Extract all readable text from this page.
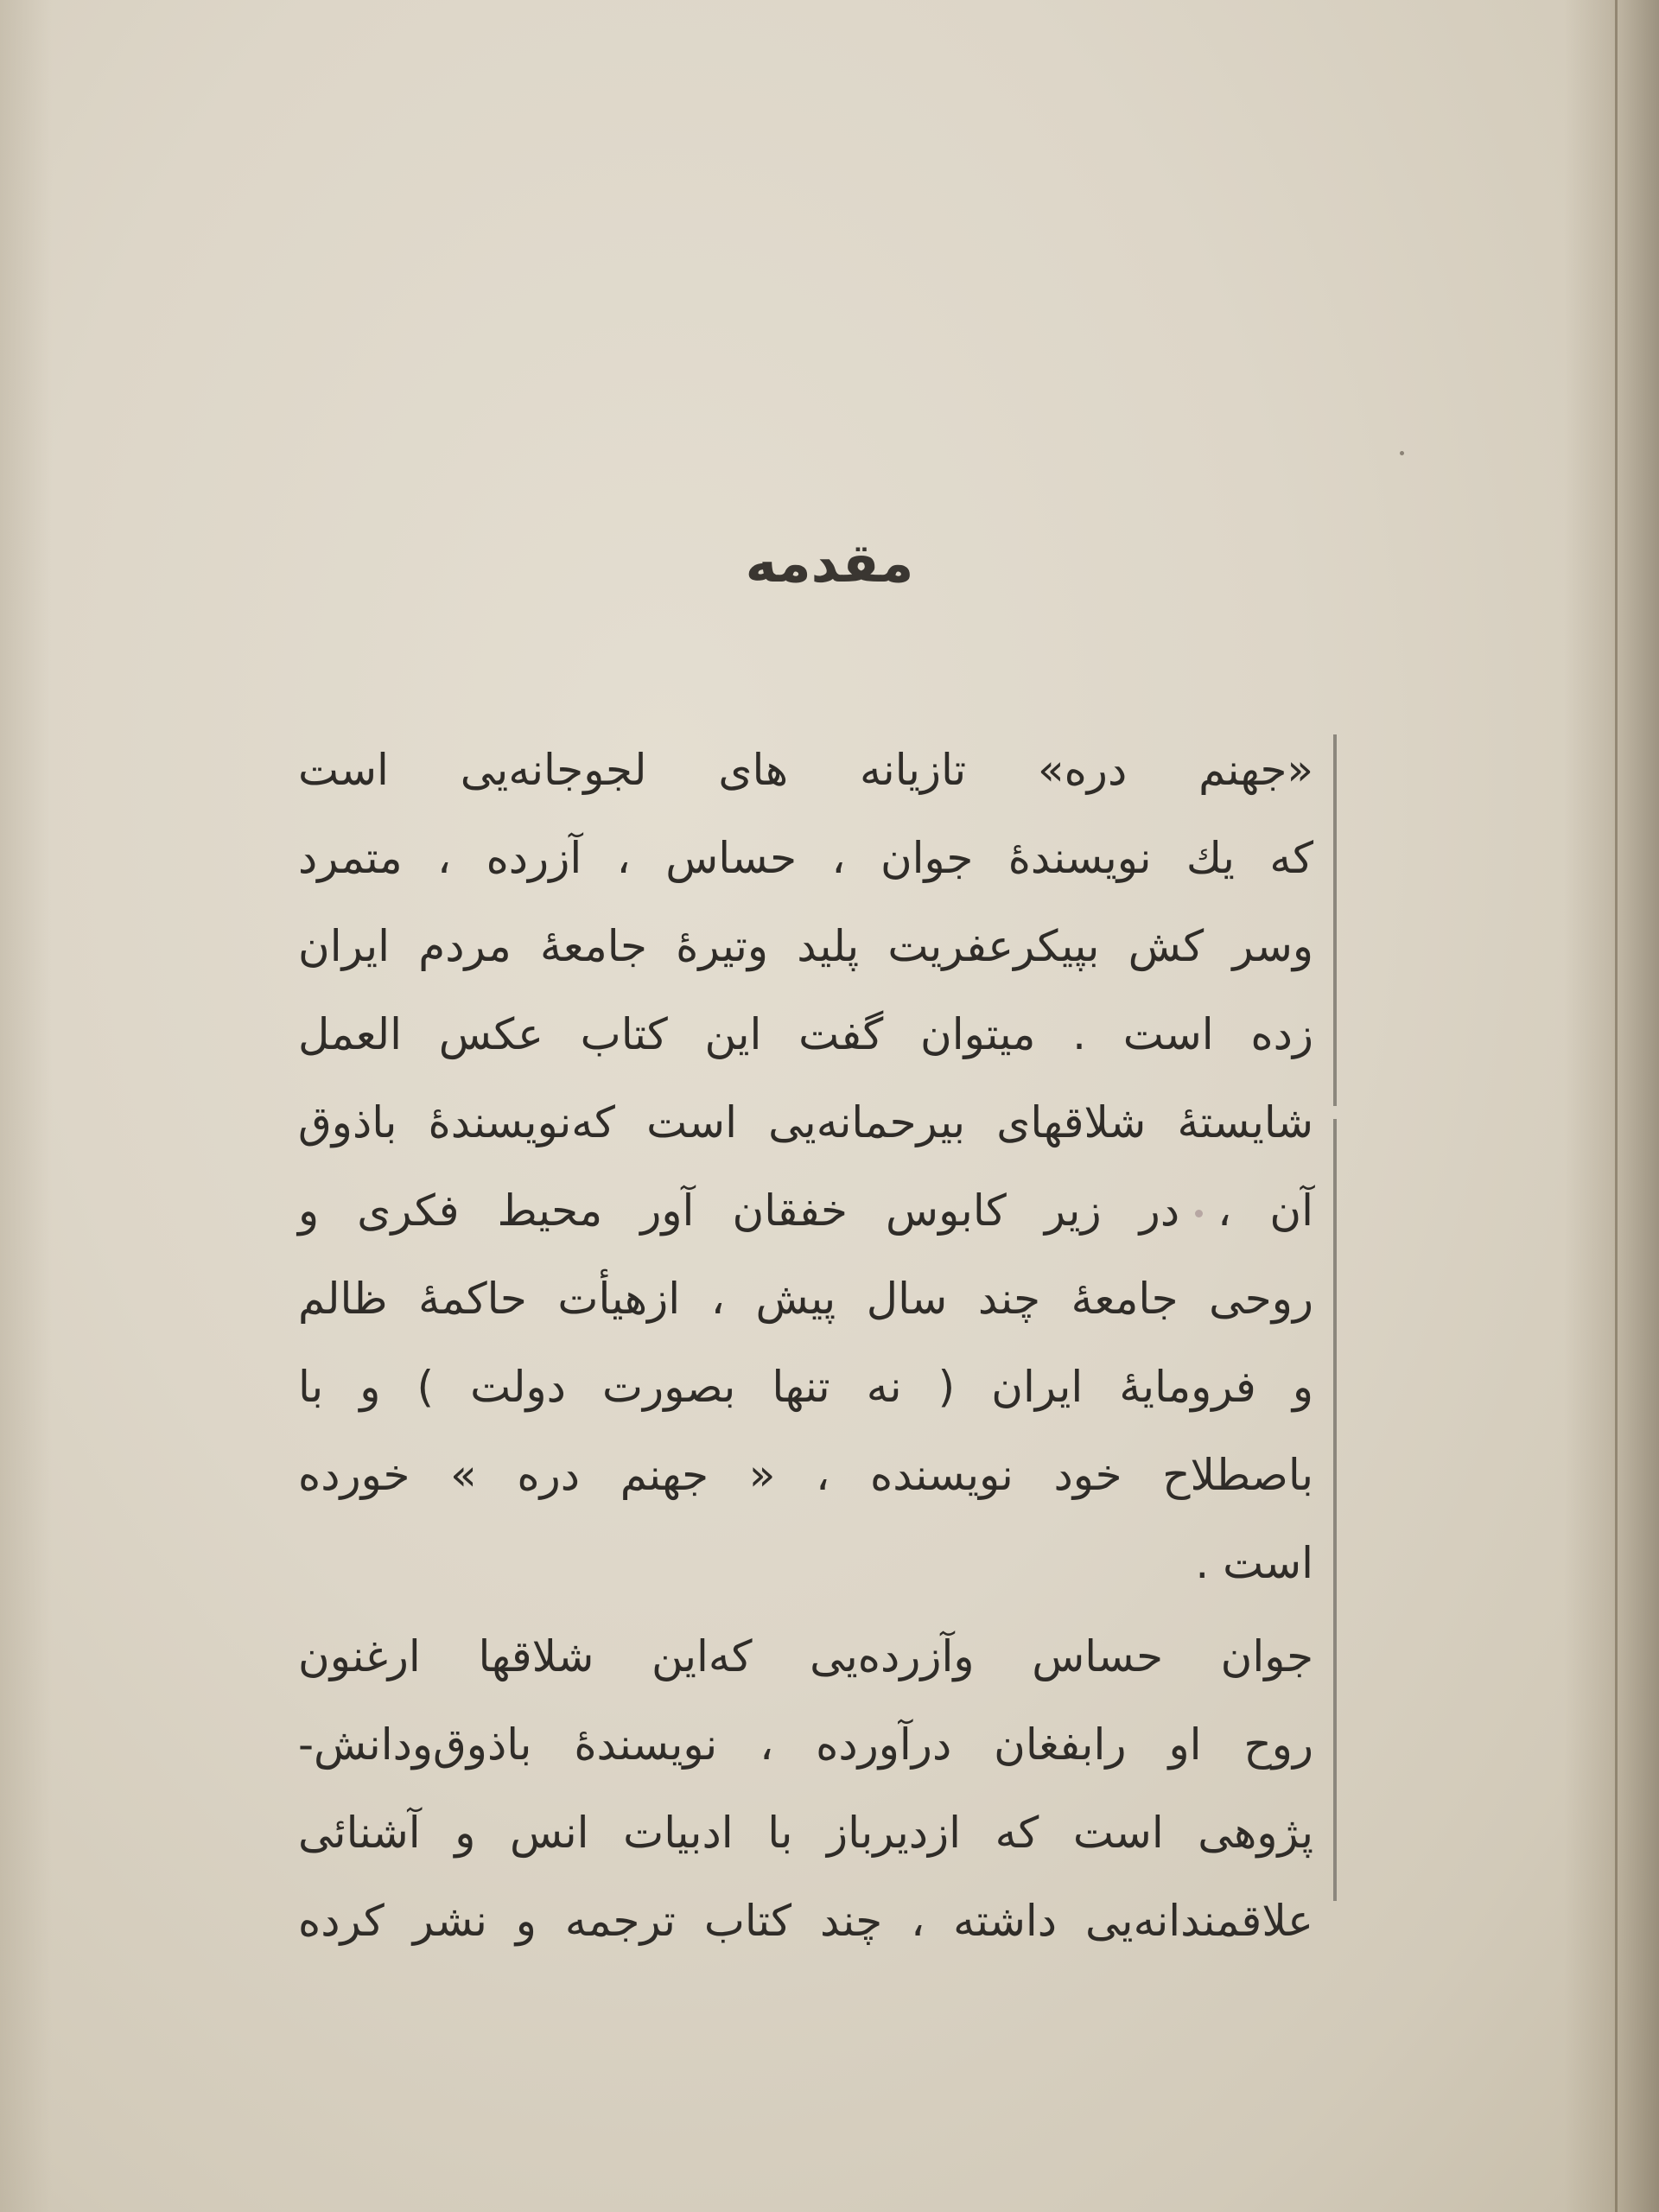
مقدمه
«جهنم دره» تازیانه های لجوجانه‌یی است
که یك نویسندهٔ جوان ، حساس ، آزرده ، متمرد
وسر کش بپیکرعفریت پلید وتیرهٔ جامعهٔ مردم ایران
زده است . میتوان گفت این کتاب عکس العمل
شایستهٔ شلاقهای بیرحمانه‌یی است که‌نویسندهٔ باذوق
آن ، در زیر کابوس خفقان آور محیط فکری و
روحی جامعهٔ چند سال پیش ، ازهیأت حاکمهٔ ظالم
و فرومایهٔ ایران ( نه تنها بصورت دولت ) و با
باصطلاح خود نویسنده ، « جهنم دره » خورده
است .
جوان حساس وآزرده‌یی که‌این شلاقها ارغنون
روح او رابفغان درآورده ، نویسندهٔ باذوق‌ودانش-
پژوهی است که ازدیرباز با ادبیات انس و آشنائی
علاقمندانه‌یی داشته ، چند کتاب ترجمه و نشر کرده
